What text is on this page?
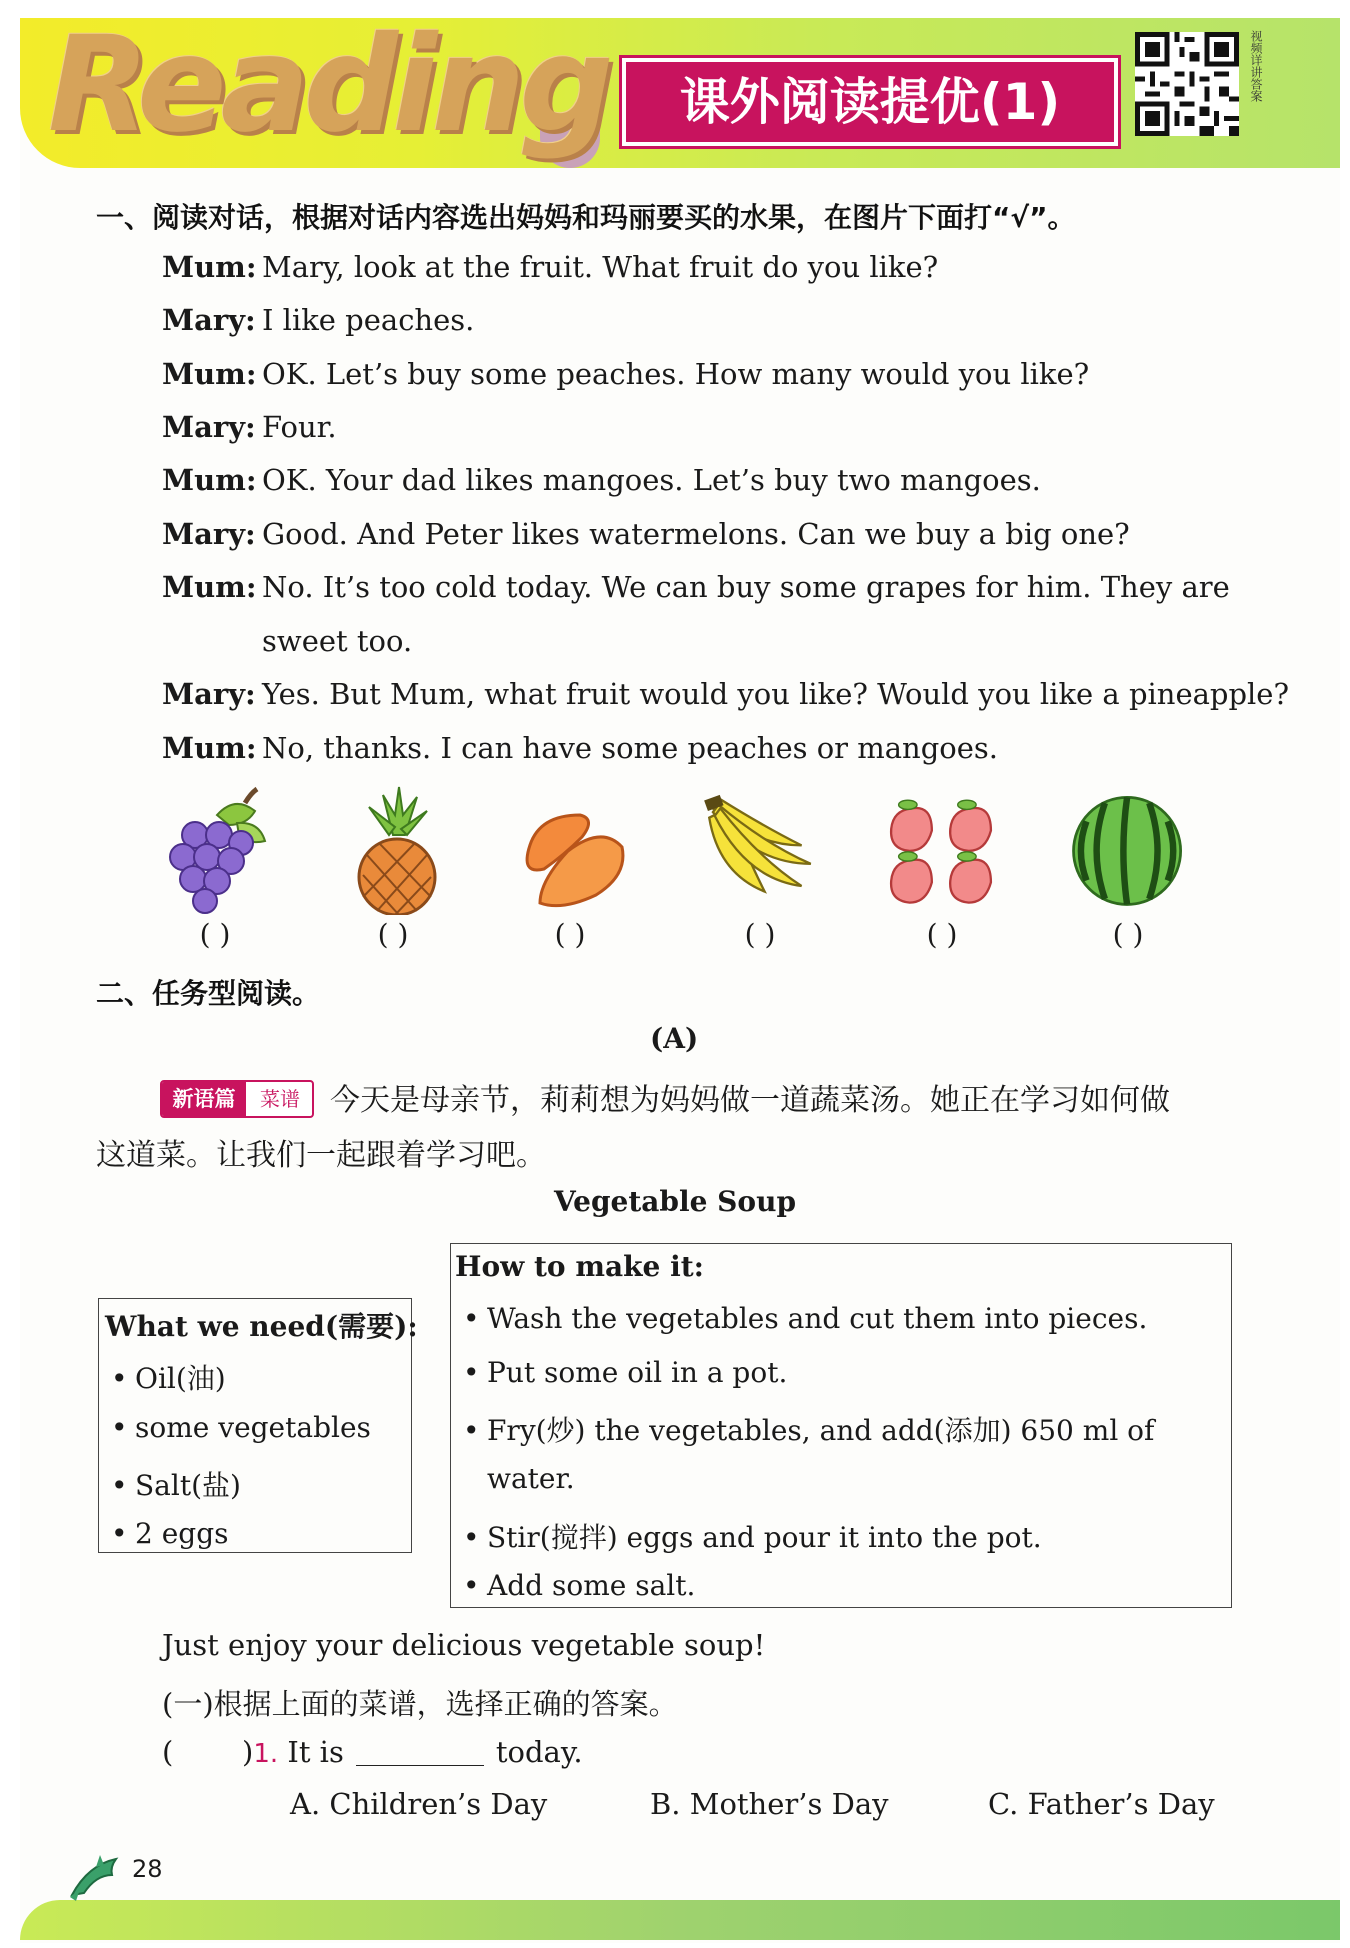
Reading	课外阅读提优(1)	视频详讲答案
一、阅读对话，根据对话内容选出妈妈和玛丽要买的水果，在图片下面打“√”。
Mum: Mary, look at the fruit. What fruit do you like?
Mary: I like peaches.
Mum: OK. Let’s buy some peaches. How many would you like?
Mary: Four.
Mum: OK. Your dad likes mangoes. Let’s buy two mangoes.
Mary: Good. And Peter likes watermelons. Can we buy a big one?
Mum: No. It’s too cold today. We can buy some grapes for him. They are
sweet too.
Mary: Yes. But Mum, what fruit would you like? Would you like a pineapple?
Mum: No, thanks. I can have some peaches or mangoes.
( )	( )	( )	( )	( )	( )
二、任务型阅读。
(A)
新语篇	菜谱	今天是母亲节，莉莉想为妈妈做一道蔬菜汤。她正在学习如何做
这道菜。让我们一起跟着学习吧。
Vegetable Soup
What we need(需要):
• Oil(油)
• some vegetables
• Salt(盐)
• 2 eggs
How to make it:
• Wash the vegetables and cut them into pieces.
• Put some oil in a pot.
• Fry(炒) the vegetables, and add(添加) 650 ml of
water.
• Stir(搅拌) eggs and pour it into the pot.
• Add some salt.
Just enjoy your delicious vegetable soup!
(一)根据上面的菜谱，选择正确的答案。
( )1. It is	today.
A. Children’s Day	B. Mother’s Day	C. Father’s Day
28
